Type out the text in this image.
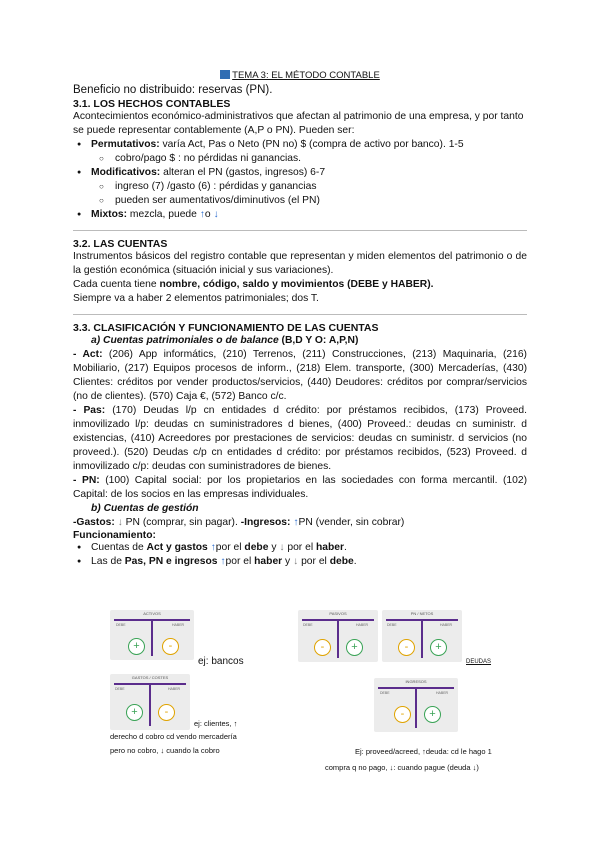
TEMA 3: EL MÉTODO CONTABLE
Beneficio no distribuido: reservas (PN).
3.1. LOS HECHOS CONTABLES

Acontecimientos económico-administrativos que afectan al patrimonio de una empresa, y por tanto se puede representar contablemente (A,P o PN). Pueden ser:

● Permutativos: varía Act, Pas o Neto (PN no) $ (compra de activo por banco). 1-5
○ cobro/pago $ : no pérdidas ni ganancias.
● Modificativos: alteran el PN (gastos, ingresos) 6-7
○ ingreso (7) /gasto (6) : pérdidas y ganancias
○ pueden ser aumentativos/diminutivos (el PN)
● Mixtos: mezcla, puede ↑o ↓
3.2. LAS CUENTAS

Instrumentos básicos del registro contable que representan y miden elementos del patrimonio o de la gestión económica (situación inicial y sus variaciones).

Cada cuenta tiene nombre, código, saldo y movimientos (DEBE y HABER).

Siempre va a haber 2 elementos patrimoniales; dos T.

3.3. CLASIFICACIÓN Y FUNCIONAMIENTO DE LAS CUENTAS
a) Cuentas patrimoniales o de balance (B,D Y O: A,P,N)

- Act: (206) App informátics, (210) Terrenos, (211) Construcciones, (213) Maquinaria, (216) Mobiliario, (217) Equipos procesos de inform., (218) Elem. transporte, (300) Mercaderías, (430) Clientes: créditos por vender productos/servicios, (440) Deudores: créditos por comprar/servicios (no de clientes). (570) Caja €, (572) Banco c/c.

- Pas: (170) Deudas l/p cn entidades d crédito: por préstamos recibidos, (173) Proveed. inmovilizado l/p: deudas cn suministradores d bienes, (400) Proveed.: deudas cn suministr. d existencias, (410) Acreedores por prestaciones de servicios: deudas cn suministr. d servicios (no proveed.). (520) Deudas c/p cn entidades d crédito: por préstamos recibidos, (523) Proveed. d inmovilizado c/p: deudas con suministradores de bienes.

- PN: (100) Capital social: por los propietarios en las sociedades con forma mercantil. (102) Capital: de los socios en las empresas individuales.

b) Cuentas de gestión

-Gastos: ↓ PN (comprar, sin pagar). -Ingresos: ↑PN (vender, sin cobrar)

Funcionamiento:
● Cuentas de Act y gastos ↑por el debe y ↓ por el haber.
● Las de Pas, PN e ingresos ↑por el haber y ↓ por el debe.
ACTIVOS
DEBE	HABER
+	-
ej: bancos
PASIVOS
DEBE	HABER
-	+
PN / NETOS
DEBE	HABER
-	+
DEUDAS
GASTOS / COSTES
DEBE	HABER
+	-
ej: clientes, ↑
derecho d cobro cd vendo mercadería
pero no cobro, ↓ cuando la cobro
INGRESOS
DEBE	HABER
-	+
Ej: proveed/acreed, ↑deuda: cd le hago 1
compra q no pago, ↓: cuando pague (deuda ↓)
